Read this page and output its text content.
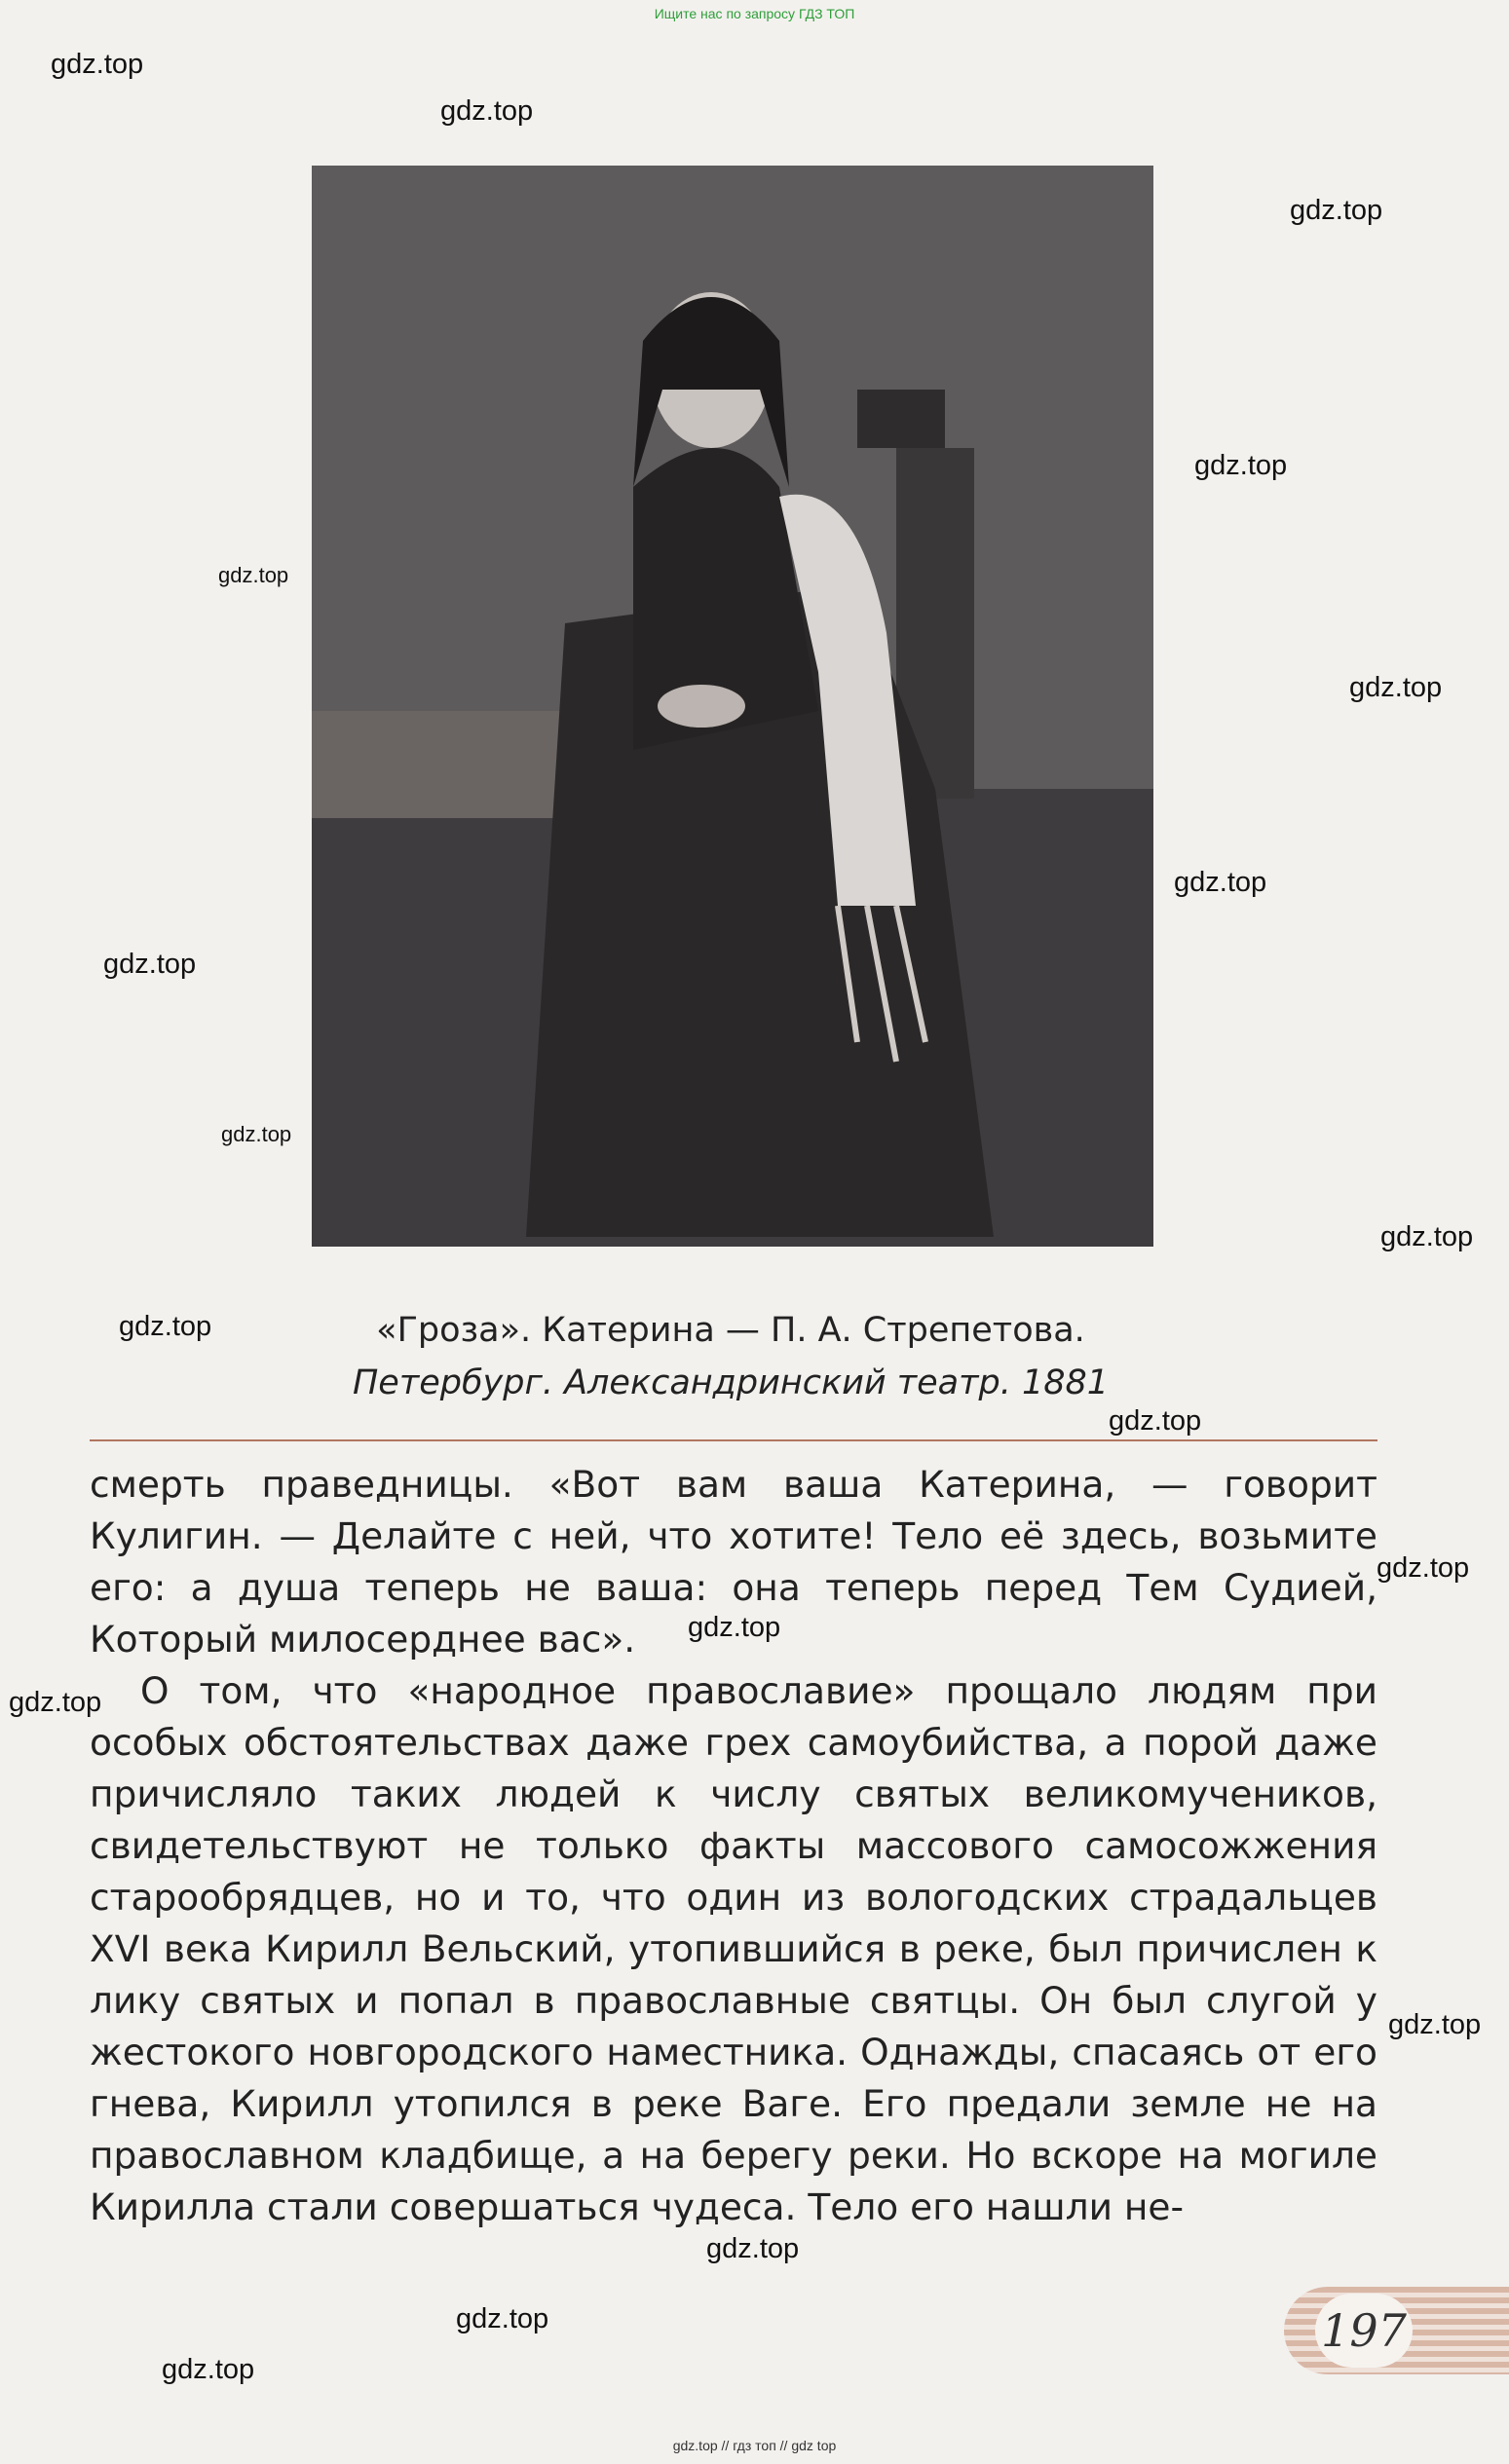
Ищите нас по запросу ГДЗ ТОП
«Гроза». Катерина — П. А. Стрепетова.
Петербург. Александринский театр. 1881

смерть праведницы. «Вот вам ваша Катерина, — говорит Кулигин. — Делайте с ней, что хотите! Тело её здесь, возьмите его: а душа теперь не ваша: она теперь перед Тем Судией, Который милосерднее вас».

О том, что «народное православие» прощало людям при особых обстоятельствах даже грех самоубийства, а порой даже причисляло таких людей к числу святых великомучеников, свидетельствуют не только факты массового самосожжения старообрядцев, но и то, что один из вологодских страдальцев XVI века Кирилл Вельский, утопившийся в реке, был причислен к лику святых и попал в православные святцы. Он был слугой у жестокого новгородского наместника. Однажды, спасаясь от его гнева, Кирилл утопился в реке Ваге. Его предали земле не на православном кладбище, а на берегу реки. Но вскоре на могиле Кирилла стали совершаться чудеса. Тело его нашли не-

197
gdz.top
gdz.top
gdz.top
gdz.top
gdz.top
gdz.top
gdz.top
gdz.top
gdz.top
gdz.top
gdz.top
gdz.top
gdz.top
gdz.top
gdz.top
gdz.top
gdz.top
gdz.top
gdz.top
gdz.top // гдз топ // gdz top
